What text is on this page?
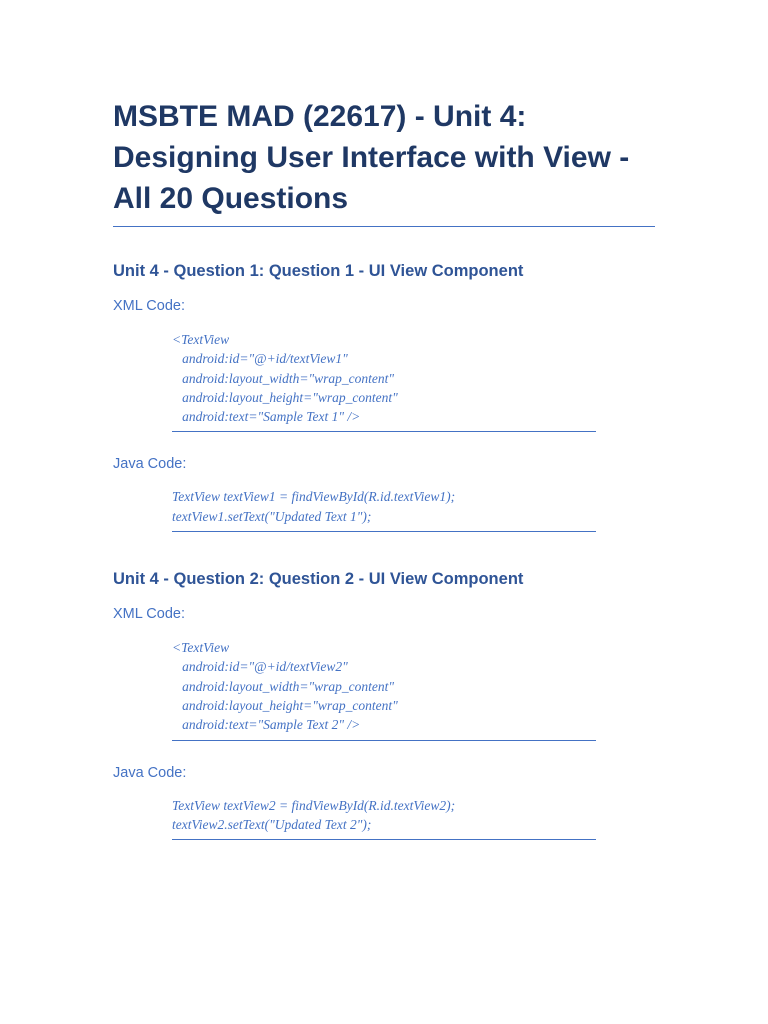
MSBTE MAD (22617) - Unit 4: Designing User Interface with View - All 20 Questions
Unit 4 - Question 1: Question 1 - UI View Component

XML Code:

<TextView

android:id="@+id/textView1"

android:layout_width="wrap_content"

android:layout_height="wrap_content"

android:text="Sample Text 1" />

Java Code:

TextView textView1 = findViewById(R.id.textView1);

textView1.setText("Updated Text 1");

Unit 4 - Question 2: Question 2 - UI View Component

XML Code:

<TextView

android:id="@+id/textView2"

android:layout_width="wrap_content"

android:layout_height="wrap_content"

android:text="Sample Text 2" />

Java Code:

TextView textView2 = findViewById(R.id.textView2);

textView2.setText("Updated Text 2");
